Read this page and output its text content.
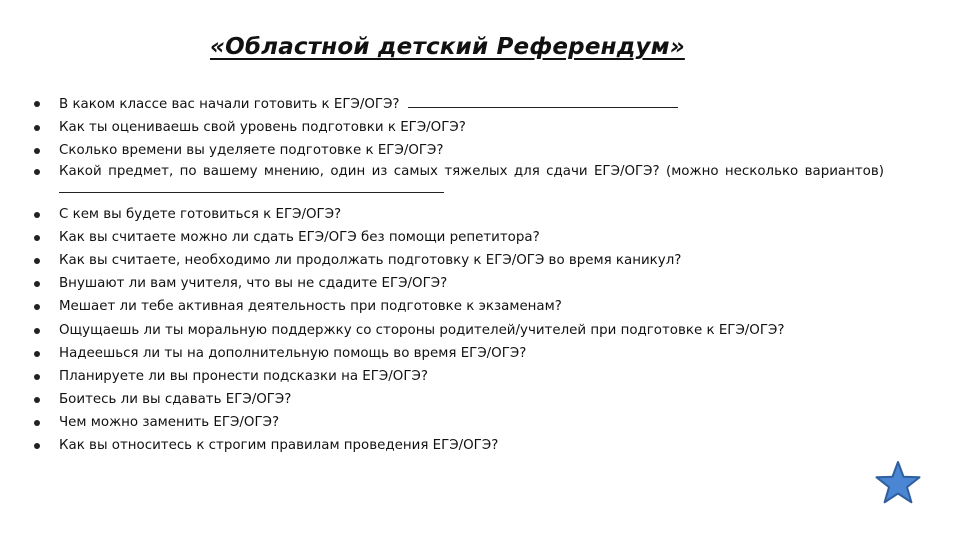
«Областной детский Референдум»
В каком классе вас начали готовить к ЕГЭ/ОГЭ?
Как ты оцениваешь свой уровень подготовки к ЕГЭ/ОГЭ?
Сколько времени вы уделяете подготовке к ЕГЭ/ОГЭ?
Какой предмет, по вашему мнению, один из самых тяжелых для сдачи ЕГЭ/ОГЭ? (можно несколько вариантов)
С кем вы будете готовиться к ЕГЭ/ОГЭ?
Как вы считаете можно ли сдать ЕГЭ/ОГЭ без помощи репетитора?
Как вы считаете, необходимо ли продолжать подготовку к ЕГЭ/ОГЭ во время каникул?
Внушают ли вам учителя, что вы не сдадите ЕГЭ/ОГЭ?
Мешает ли тебе активная деятельность при подготовке к экзаменам?
Ощущаешь ли ты моральную поддержку со стороны родителей/учителей при подготовке к ЕГЭ/ОГЭ?
Надеешься ли ты на дополнительную помощь во время ЕГЭ/ОГЭ?
Планируете ли вы пронести подсказки на ЕГЭ/ОГЭ?
Боитесь ли вы сдавать ЕГЭ/ОГЭ?
Чем можно заменить ЕГЭ/ОГЭ?
Как вы относитесь к строгим правилам проведения ЕГЭ/ОГЭ?
